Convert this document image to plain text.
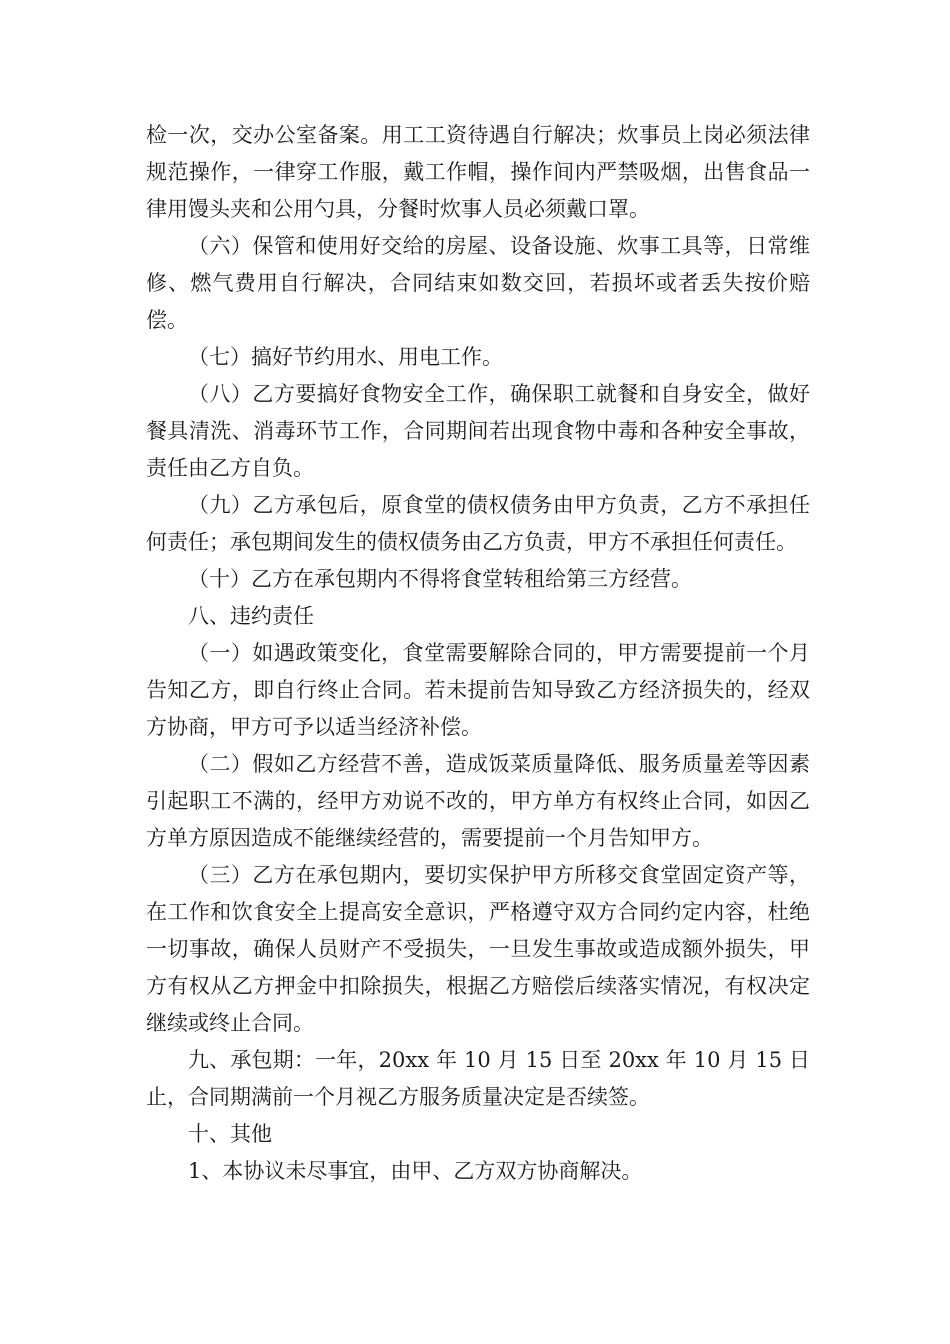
检一次，交办公室备案。用工工资待遇自行解决；炊事员上岗必须法律规范操作，一律穿工作服，戴工作帽，操作间内严禁吸烟，出售食品一律用馒头夹和公用勺具，分餐时炊事人员必须戴口罩。

（六）保管和使用好交给的房屋、设备设施、炊事工具等，日常维修、燃气费用自行解决，合同结束如数交回，若损坏或者丢失按价赔偿。

（七）搞好节约用水、用电工作。

（八）乙方要搞好食物安全工作，确保职工就餐和自身安全，做好餐具清洗、消毒环节工作，合同期间若出现食物中毒和各种安全事故，责任由乙方自负。

（九）乙方承包后，原食堂的债权债务由甲方负责，乙方不承担任何责任；承包期间发生的债权债务由乙方负责，甲方不承担任何责任。

（十）乙方在承包期内不得将食堂转租给第三方经营。

八、违约责任

（一）如遇政策变化，食堂需要解除合同的，甲方需要提前一个月告知乙方，即自行终止合同。若未提前告知导致乙方经济损失的，经双方协商，甲方可予以适当经济补偿。

（二）假如乙方经营不善，造成饭菜质量降低、服务质量差等因素引起职工不满的，经甲方劝说不改的，甲方单方有权终止合同，如因乙方单方原因造成不能继续经营的，需要提前一个月告知甲方。

（三）乙方在承包期内，要切实保护甲方所移交食堂固定资产等，在工作和饮食安全上提高安全意识，严格遵守双方合同约定内容，杜绝一切事故，确保人员财产不受损失，一旦发生事故或造成额外损失，甲方有权从乙方押金中扣除损失，根据乙方赔偿后续落实情况，有权决定继续或终止合同。

九、承包期：一年，20xx 年 10 月 15 日至 20xx 年 10 月 15 日止，合同期满前一个月视乙方服务质量决定是否续签。

十、其他

1、本协议未尽事宜，由甲、乙方双方协商解决。
